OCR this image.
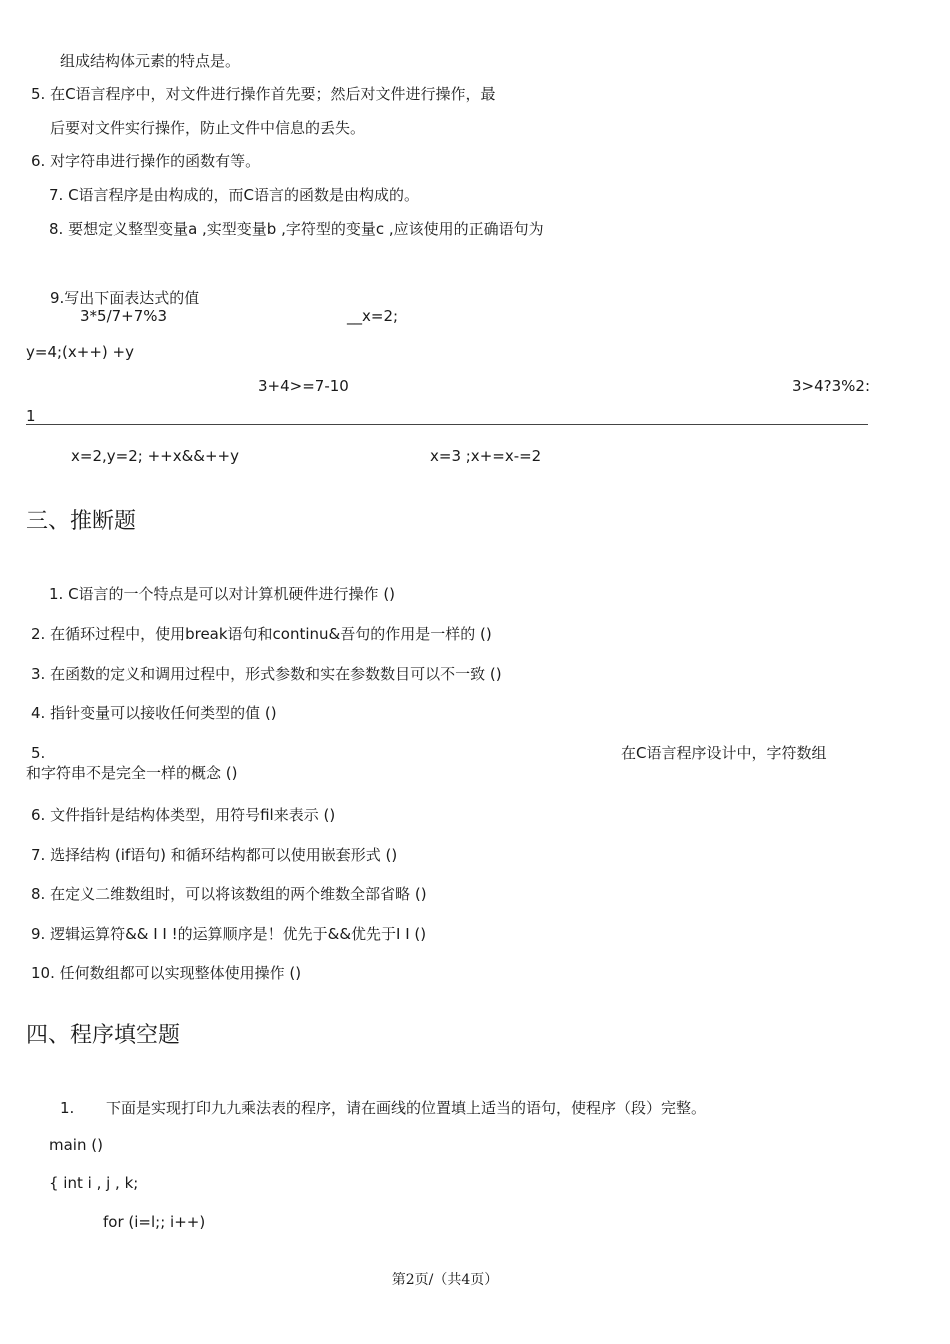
组成结构体元素的特点是。
5. 在C语言程序中，对文件进行操作首先要；然后对文件进行操作，最
后要对文件实行操作，防止文件中信息的丢失。
6. 对字符串进行操作的函数有等。
7. C语言程序是由构成的，而C语言的函数是由构成的。
8. 要想定义整型变量a ,实型变量b ,字符型的变量c ,应该使用的正确语句为
9.写出下面表达式的值
3*5/7+7%3	__x=2;
y=4;(x++) +y
3+4>=7-10	3>4?3%2:
1
x=2,y=2; ++x&&++y	x=3 ;x+=x-=2
三、推断题
1. C语言的一个特点是可以对计算机硬件进行操作 ()
2. 在循环过程中，使用break语句和continu&吾句的作用是一样的 ()
3. 在函数的定义和调用过程中，形式参数和实在参数数目可以不一致 ()
4. 指针变量可以接收任何类型的值 ()
5.	在C语言程序设计中，字符数组
和字符串不是完全一样的概念 ()
6. 文件指针是结构体类型，用符号fil来表示 ()
7. 选择结构 (if语句) 和循环结构都可以使用嵌套形式 ()
8. 在定义二维数组时，可以将该数组的两个维数全部省略 ()
9. 逻辑运算符&& I I !的运算顺序是！优先于&&优先于I I ()
10. 任何数组都可以实现整体使用操作 ()
四、程序填空题
1. 下面是实现打印九九乘法表的程序，请在画线的位置填上适当的语句，使程序（段）完整。
main ()
{ int i , j , k;
for (i=l;; i++)
第2页/（共4页）
